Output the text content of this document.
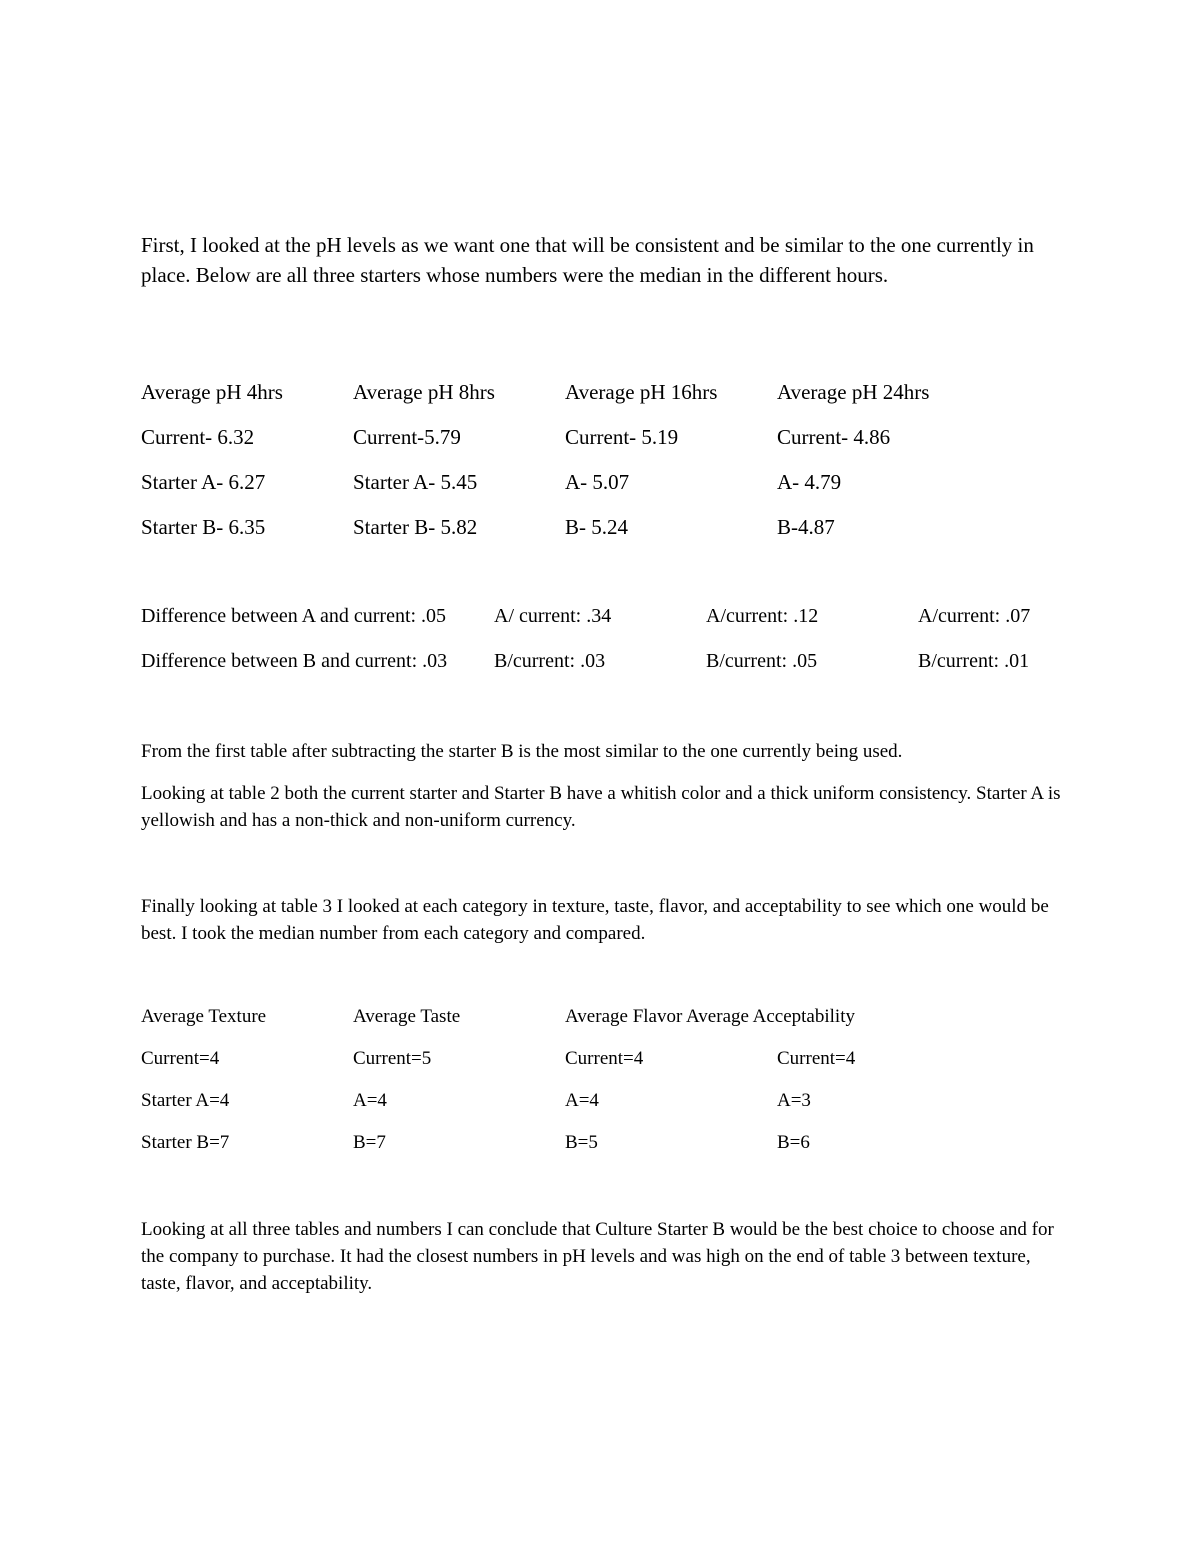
First, I looked at the pH levels as we want one that will be consistent and be similar to the one currently in place. Below are all three starters whose numbers were the median in the different hours.

Average pH 4hrs	Average pH 8hrs	Average pH 16hrs	Average pH 24hrs
Current- 6.32	Current-5.79	Current- 5.19	Current- 4.86
Starter A- 6.27	Starter A- 5.45	A- 5.07	A- 4.79
Starter B- 6.35	Starter B- 5.82	B- 5.24	B-4.87
Difference between A and current: .05 A/ current: .34	A/current: .12	A/current: .07
Difference between B and current: .03 B/current: .03	B/current: .05	B/current: .01

From the first table after subtracting the starter B is the most similar to the one currently being used.

Looking at table 2 both the current starter and Starter B have a whitish color and a thick uniform consistency. Starter A is yellowish and has a non-thick and non-uniform currency.

Finally looking at table 3 I looked at each category in texture, taste, flavor, and acceptability to see which one would be best. I took the median number from each category and compared.

Average Texture	Average Taste	Average Flavor Average Acceptability
Current=4	Current=5	Current=4	Current=4
Starter A=4	A=4	A=4	A=3
Starter B=7	B=7	B=5	B=6

Looking at all three tables and numbers I can conclude that Culture Starter B would be the best choice to choose and for the company to purchase. It had the closest numbers in pH levels and was high on the end of table 3 between texture, taste, flavor, and acceptability.
